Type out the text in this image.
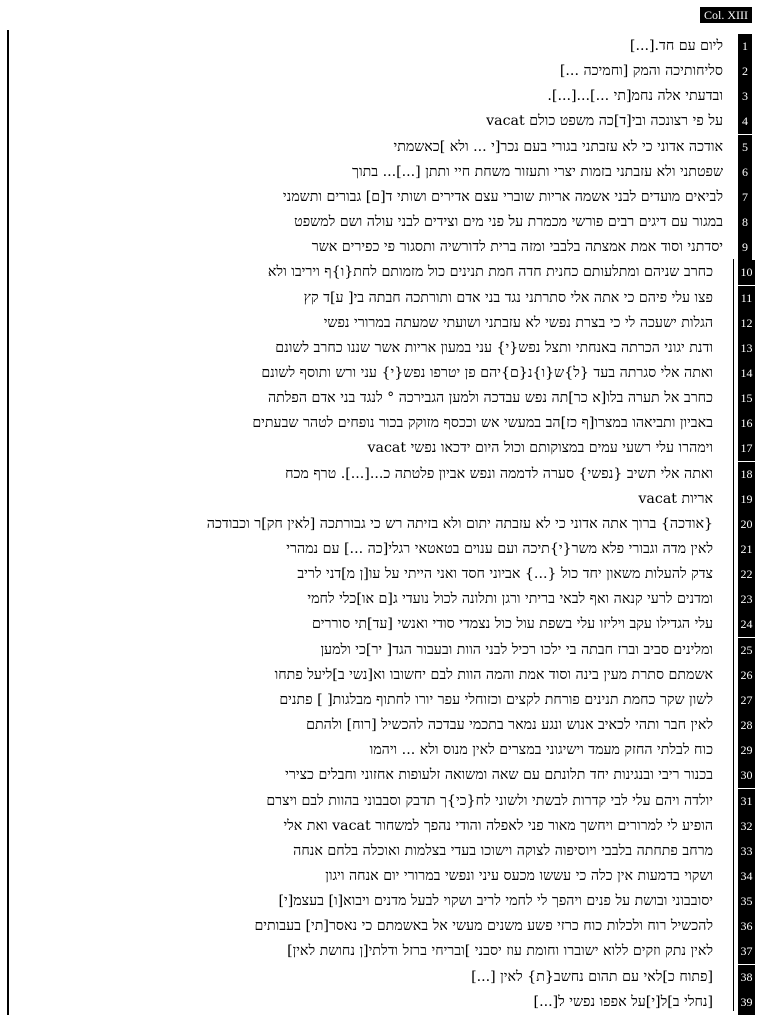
Col. XIII
ליום עם חד.[...]	1
סליחותיכה והמק [וחמיכה ...]	2
ובדעתי אלה נחמ[תי ...]...[...].	3
על פי רצונכה ובי[ד]כה משפט כולם vacat	4
אודכה אדוני כי לא עזבתני בגורי בעם נכר[י ... ולא ]כאשמתי	5
שפטתני ולא עזבתני בזמות יצרי ותעזור משחת חיי ותתן [...]... בתוך	6
לביאים מועדים לבני אשמה אריות שוברי עצם אדירים ושותי ד[ם] גבורים ותשמני	7
במגור עם דיגים רבים פורשי מכמרת על פני מים וצידים לבני עולה ושם למשפט	8
יסדתני וסוד אמת אמצתה בלבבי ומזה ברית לדורשיה ותסגור פי כפירים אשר	9
כחרב שניהם ומתלעותם כחנית חדה חמת תנינים כול מזמותם לחת{ו}ף ויריבו ולא 10
פצו עלי פיהם כי אתה אלי סתרתני נגד בני אדם ותורתכה חבתה בי[ ע]ד קץ 11
הגלות ישעכה לי כי בצרת נפשי לא עזבתני ושועתי שמעתה במרורי נפשי 12
ודנת יגוני הכרתה באנחתי ותצל נפש{י} עני במעון אריות אשר שננו כחרב לשונם 13
ואתה אלי סגרתה בעד {ל}ש{ו}נ{ם}יהם פן יטרפו נפש{י} עני ורש ותוסף לשונם 14
כחרב אל תערה בלו[א כר]תה נפש עבדכה ולמען הגבירכה ° לנגד בני אדם הפלתה 15
באביון ותביאהו במצרו[ף כז]הב במעשי אש וככסף מזוקק בכור נופחים לטהר שבעתים 16
וימהרו עלי רשעי עמים במצוקותם וכול היום ידכאו נפשי vacat 17
ואתה אלי תשיב {נפשי} סערה לדממה ונפש אביון פלטתה כ...[...]. טרף מכח 18
אריות vacat 19
{אודכה} ברוך אתה אדוני כי לא עזבתה יתום ולא בזיתה רש כי גבורתכה [לאין חק]ר וכבודכה 20
לאין מדה וגבורי פלא משר{י}תיכה ועם ענוים בטאטאי רגלי[כה ...] עם נמהרי 21
צדק להעלות משאון יחד כול {...} אביוני חסד ואני הייתי על עו[ן מ]דני לריב 22
ומדנים לרעי קנאה ואף לבאי בריתי ורגן ותלונה לכול נועדי ג[ם או]כלי לחמי 23
עלי הגדילו עקב ויליזו עלי בשפת עול כול נצמדי סודי ואנשי [עד]תי סוררים 24
ומלינים סביב וברז חבתה בי ילכו רכיל לבני הוות ובעבור הגד[ יר]כי ולמען 25
אשמתם סתרת מעין בינה וסוד אמת והמה הוות לבם יחשובו וא[נשי ב]ליעל פתחו 26
לשון שקר כחמת תנינים פורחת לקצים וכזוחלי עפר יורו לחתוף מבלגות[ ] פתנים 27
לאין חבר ותהי לכאיב אנוש ונגע נמאר בתכמי עבדכה להכשיל [רוח] ולהתם 28
כוח לבלתי החזק מעמד וישיגוני במצרים לאין מנוס ולא ... ויהמו 29
בכנור ריבי ובנגינות יחד תלונתם עם שאה ומשואה זלעופות אחזוני וחבלים כצירי 30
יולדה ויהם עלי לבי קדרות לבשתי ולשוני לח{כי}ך תדבק וסבבוני בהוות לבם ויצרם 31
הופיע לי למרורים ויחשך מאור פני לאפלה והודי נהפך למשחור vacat ואת אלי 32
מרחב פתחתה בלבבי ויוסיפוה לצוקה וישוכו בעדי בצלמות ואוכלה בלחם אנחה 33
ושקוי בדמעות אין כלה כי עששו מכעס עיני ונפשי במרורי יום אנחה ויגון 34
יסובבוני ובושת על פנים ויהפך לי לחמי לריב ושקוי לבעל מדנים ויבוא[ו] בעצמ[י] 35
להכשיל רוח ולכלות כוח כרזי פשע משנים מעשי אל באשמתם כי נאסר[תי] בעבותים 36
לאין נתק וזקים ללוא ישוברו וחומת עוז יסבני ]ובריחי ברזל ודלתי[ן נחושת לאין] 37
[פתוח כ]לאי עם תהום נחשב{ת} לאין [...] 38
[נחלי ב]ל[י]על אפפו נפשי ל[...] 39
